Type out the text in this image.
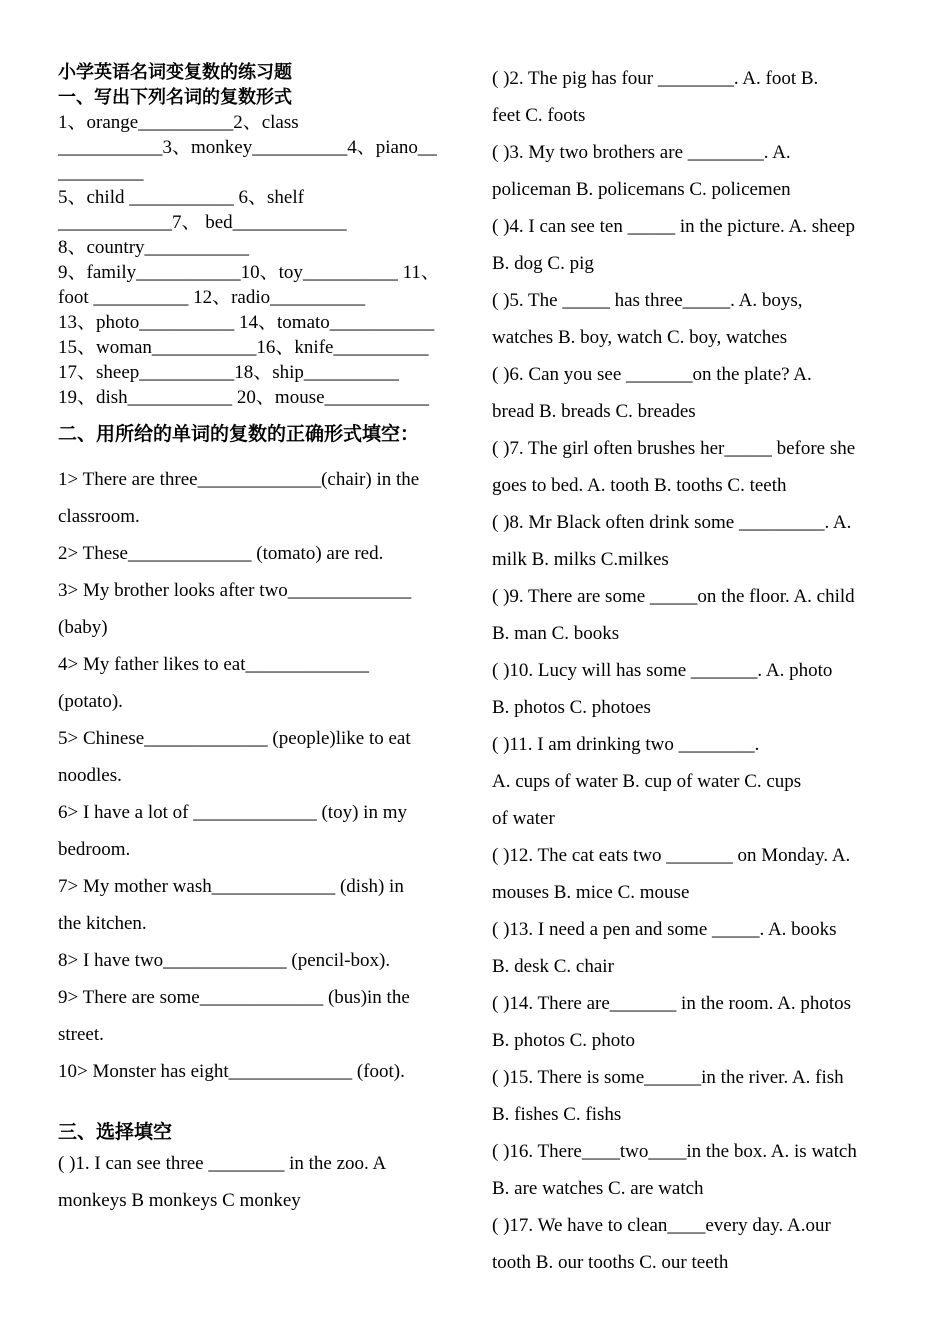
小学英语名词变复数的练习题
一、写出下列名词的复数形式
1、orange__________2、class
___________3、monkey__________4、piano__
_________
5、child ___________ 6、shelf
____________7、 bed____________
8、country___________
9、family___________10、toy__________ 11、
foot __________ 12、radio__________
13、photo__________ 14、tomato___________
15、woman___________16、knife__________
17、sheep__________18、ship__________
19、dish___________ 20、mouse___________
二、用所给的单词的复数的正确形式填空：
1> There are three_____________(chair) in the
classroom.
2> These_____________ (tomato) are red.
3> My brother looks after two_____________
(baby)
4> My father likes to eat_____________
(potato).
5> Chinese_____________ (people)like to eat
noodles.
6> I have a lot of _____________ (toy) in my
bedroom.
7> My mother wash_____________ (dish) in
the kitchen.
8> I have two_____________ (pencil-box).
9> There are some_____________ (bus)in the
street.
10> Monster has eight_____________ (foot).
三、选择填空
( )1. I can see three ________ in the zoo. A
monkeys B monkeys C monkey
( )2. The pig has four ________. A. foot B.
feet C. foots
( )3. My two brothers are ________. A.
policeman B. policemans C. policemen
( )4. I can see ten _____ in the picture. A. sheep
B. dog C. pig
( )5. The _____ has three_____. A. boys,
watches B. boy, watch C. boy, watches
( )6. Can you see _______on the plate? A.
bread B. breads C. breades
( )7. The girl often brushes her_____ before she
goes to bed. A. tooth B. tooths C. teeth
( )8. Mr Black often drink some _________. A.
milk B. milks C.milkes
( )9. There are some _____on the floor. A. child
B. man C. books
( )10. Lucy will has some _______. A. photo
B. photos C. photoes
( )11. I am drinking two ________.
A. cups of water B. cup of water C. cups
of water
( )12. The cat eats two _______ on Monday. A.
mouses B. mice C. mouse
( )13. I need a pen and some _____. A. books
B. desk C. chair
( )14. There are_______ in the room. A. photos
B. photos C. photo
( )15. There is some______in the river. A. fish
B. fishes C. fishs
( )16. There____two____in the box. A. is watch
B. are watches C. are watch
( )17. We have to clean____every day. A.our
tooth B. our tooths C. our teeth
